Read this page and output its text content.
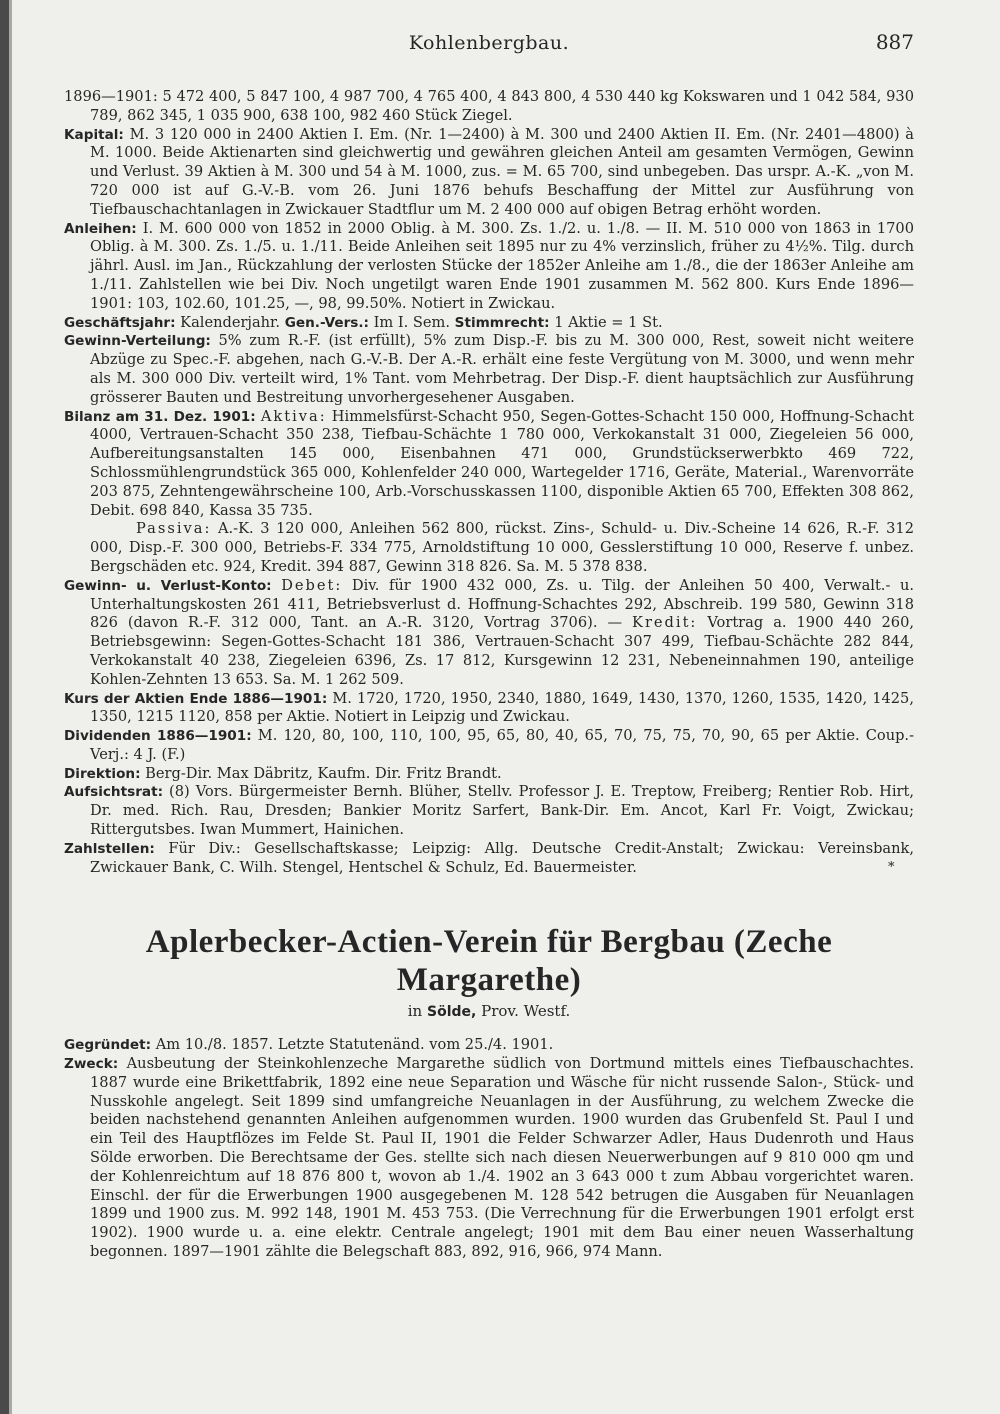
Kohlenbergbau.	887

1896—1901: 5 472 400, 5 847 100, 4 987 700, 4 765 400, 4 843 800, 4 530 440 kg Kokswaren und 1 042 584, 930 789, 862 345, 1 035 900, 638 100, 982 460 Stück Ziegel.

Kapital: M. 3 120 000 in 2400 Aktien I. Em. (Nr. 1—2400) à M. 300 und 2400 Aktien II. Em. (Nr. 2401—4800) à M. 1000. Beide Aktienarten sind gleichwertig und gewähren gleichen Anteil am gesamten Vermögen, Gewinn und Verlust. 39 Aktien à M. 300 und 54 à M. 1000, zus. = M. 65 700, sind unbegeben. Das urspr. A.-K. „von M. 720 000 ist auf G.-V.-B. vom 26. Juni 1876 behufs Beschaffung der Mittel zur Ausführung von Tiefbauschachtanlagen in Zwickauer Stadtflur um M. 2 400 000 auf obigen Betrag erhöht worden.

Anleihen: I. M. 600 000 von 1852 in 2000 Oblig. à M. 300. Zs. 1./2. u. 1./8. — II. M. 510 000 von 1863 in 1700 Oblig. à M. 300. Zs. 1./5. u. 1./11. Beide Anleihen seit 1895 nur zu 4% verzinslich, früher zu 4½%. Tilg. durch jährl. Ausl. im Jan., Rückzahlung der verlosten Stücke der 1852er Anleihe am 1./8., die der 1863er Anleihe am 1./11. Zahlstellen wie bei Div. Noch ungetilgt waren Ende 1901 zusammen M. 562 800. Kurs Ende 1896—1901: 103, 102.60, 101.25, —, 98, 99.50%. Notiert in Zwickau.

Geschäftsjahr: Kalenderjahr. Gen.-Vers.: Im I. Sem. Stimmrecht: 1 Aktie = 1 St.

Gewinn-Verteilung: 5% zum R.-F. (ist erfüllt), 5% zum Disp.-F. bis zu M. 300 000, Rest, soweit nicht weitere Abzüge zu Spec.-F. abgehen, nach G.-V.-B. Der A.-R. erhält eine feste Vergütung von M. 3000, und wenn mehr als M. 300 000 Div. verteilt wird, 1% Tant. vom Mehrbetrag. Der Disp.-F. dient hauptsächlich zur Ausführung grösserer Bauten und Bestreitung unvorhergesehener Ausgaben.

Bilanz am 31. Dez. 1901: Aktiva: Himmelsfürst-Schacht 950, Segen-Gottes-Schacht 150 000, Hoffnung-Schacht 4000, Vertrauen-Schacht 350 238, Tiefbau-Schächte 1 780 000, Verkokanstalt 31 000, Ziegeleien 56 000, Aufbereitungsanstalten 145 000, Eisenbahnen 471 000, Grundstückserwerbkto 469 722, Schlossmühlengrundstück 365 000, Kohlenfelder 240 000, Wartegelder 1716, Geräte, Material., Warenvorräte 203 875, Zehntengewährscheine 100, Arb.-Vorschusskassen 1100, disponible Aktien 65 700, Effekten 308 862, Debit. 698 840, Kassa 35 735.

Passiva: A.-K. 3 120 000, Anleihen 562 800, rückst. Zins-, Schuld- u. Div.-Scheine 14 626, R.-F. 312 000, Disp.-F. 300 000, Betriebs-F. 334 775, Arnoldstiftung 10 000, Gesslerstiftung 10 000, Reserve f. unbez. Bergschäden etc. 924, Kredit. 394 887, Gewinn 318 826. Sa. M. 5 378 838.

Gewinn- u. Verlust-Konto: Debet: Div. für 1900 432 000, Zs. u. Tilg. der Anleihen 50 400, Verwalt.- u. Unterhaltungskosten 261 411, Betriebsverlust d. Hoffnung-Schachtes 292, Abschreib. 199 580, Gewinn 318 826 (davon R.-F. 312 000, Tant. an A.-R. 3120, Vortrag 3706). — Kredit: Vortrag a. 1900 440 260, Betriebsgewinn: Segen-Gottes-Schacht 181 386, Vertrauen-Schacht 307 499, Tiefbau-Schächte 282 844, Verkokanstalt 40 238, Ziegeleien 6396, Zs. 17 812, Kursgewinn 12 231, Nebeneinnahmen 190, anteilige Kohlen-Zehnten 13 653. Sa. M. 1 262 509.

Kurs der Aktien Ende 1886—1901: M. 1720, 1720, 1950, 2340, 1880, 1649, 1430, 1370, 1260, 1535, 1420, 1425, 1350, 1215 1120, 858 per Aktie. Notiert in Leipzig und Zwickau.

Dividenden 1886—1901: M. 120, 80, 100, 110, 100, 95, 65, 80, 40, 65, 70, 75, 75, 70, 90, 65 per Aktie. Coup.-Verj.: 4 J. (F.)

Direktion: Berg-Dir. Max Däbritz, Kaufm. Dir. Fritz Brandt.

Aufsichtsrat: (8) Vors. Bürgermeister Bernh. Blüher, Stellv. Professor J. E. Treptow, Freiberg; Rentier Rob. Hirt, Dr. med. Rich. Rau, Dresden; Bankier Moritz Sarfert, Bank-Dir. Em. Ancot, Karl Fr. Voigt, Zwickau; Rittergutsbes. Iwan Mummert, Hainichen.

Zahlstellen: Für Div.: Gesellschaftskasse; Leipzig: Allg. Deutsche Credit-Anstalt; Zwickau: Vereinsbank, Zwickauer Bank, C. Wilh. Stengel, Hentschel & Schulz, Ed. Bauermeister.	*

Aplerbecker-Actien-Verein für Bergbau (Zeche Margarethe)
in Sölde, Prov. Westf.

Gegründet: Am 10./8. 1857. Letzte Statutenänd. vom 25./4. 1901.

Zweck: Ausbeutung der Steinkohlenzeche Margarethe südlich von Dortmund mittels eines Tiefbauschachtes. 1887 wurde eine Brikettfabrik, 1892 eine neue Separation und Wäsche für nicht russende Salon-, Stück- und Nusskohle angelegt. Seit 1899 sind umfangreiche Neuanlagen in der Ausführung, zu welchem Zwecke die beiden nachstehend genannten Anleihen aufgenommen wurden. 1900 wurden das Grubenfeld St. Paul I und ein Teil des Hauptflözes im Felde St. Paul II, 1901 die Felder Schwarzer Adler, Haus Dudenroth und Haus Sölde erworben. Die Berechtsame der Ges. stellte sich nach diesen Neuerwerbungen auf 9 810 000 qm und der Kohlenreichtum auf 18 876 800 t, wovon ab 1./4. 1902 an 3 643 000 t zum Abbau vorgerichtet waren. Einschl. der für die Erwerbungen 1900 ausgegebenen M. 128 542 betrugen die Ausgaben für Neuanlagen 1899 und 1900 zus. M. 992 148, 1901 M. 453 753. (Die Verrechnung für die Erwerbungen 1901 erfolgt erst 1902). 1900 wurde u. a. eine elektr. Centrale angelegt; 1901 mit dem Bau einer neuen Wasserhaltung begonnen. 1897—1901 zählte die Belegschaft 883, 892, 916, 966, 974 Mann.
